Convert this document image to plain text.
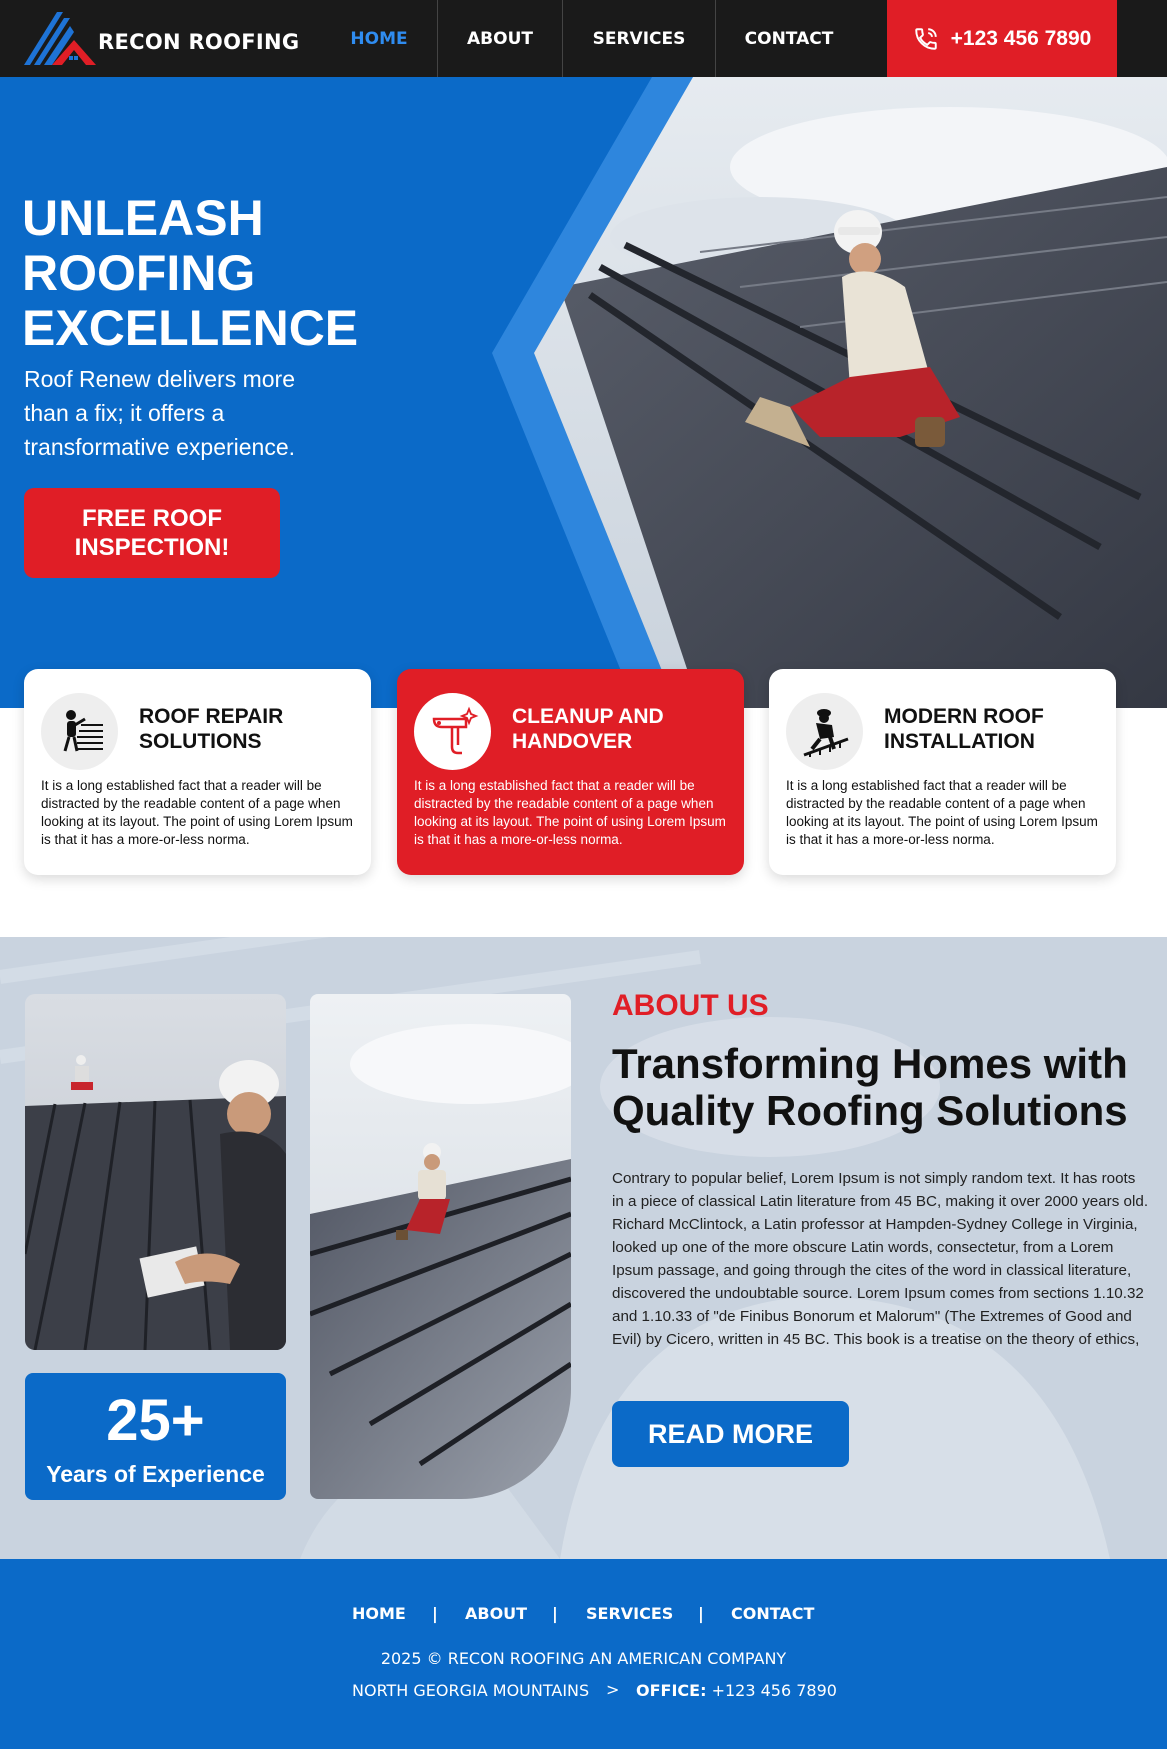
RECON ROOFING	HOME	ABOUT	SERVICES	CONTACT	+123 456 7890
UNLEASH ROOFING EXCELLENCE

Roof Renew delivers more than a fix; it offers a transformative experience.

FREE ROOF INSPECTION!
ROOF REPAIR SOLUTIONS

It is a long established fact that a reader will be distracted by the readable content of a page when looking at its layout. The point of using Lorem Ipsum is that it has a more-or-less norma.

CLEANUP AND HANDOVER

It is a long established fact that a reader will be distracted by the readable content of a page when looking at its layout. The point of using Lorem Ipsum is that it has a more-or-less norma.

MODERN ROOF INSTALLATION

It is a long established fact that a reader will be distracted by the readable content of a page when looking at its layout. The point of using Lorem Ipsum is that it has a more-or-less norma.

25+
Years of Experience
ABOUT US
Transforming Homes with Quality Roofing Solutions

Contrary to popular belief, Lorem Ipsum is not simply random text. It has roots in a piece of classical Latin literature from 45 BC, making it over 2000 years old. Richard McClintock, a Latin professor at Hampden-Sydney College in Virginia, looked up one of the more obscure Latin words, consectetur, from a Lorem Ipsum passage, and going through the cites of the word in classical literature, discovered the undoubtable source. Lorem Ipsum comes from sections 1.10.32 and 1.10.33 of "de Finibus Bonorum et Malorum" (The Extremes of Good and Evil) by Cicero, written in 45 BC. This book is a treatise on the theory of ethics,

READ MORE
HOME | ABOUT | SERVICES | CONTACT
2025 © RECON ROOFING AN AMERICAN COMPANY
NORTH GEORGIA MOUNTAINS > OFFICE: +123 456 7890
